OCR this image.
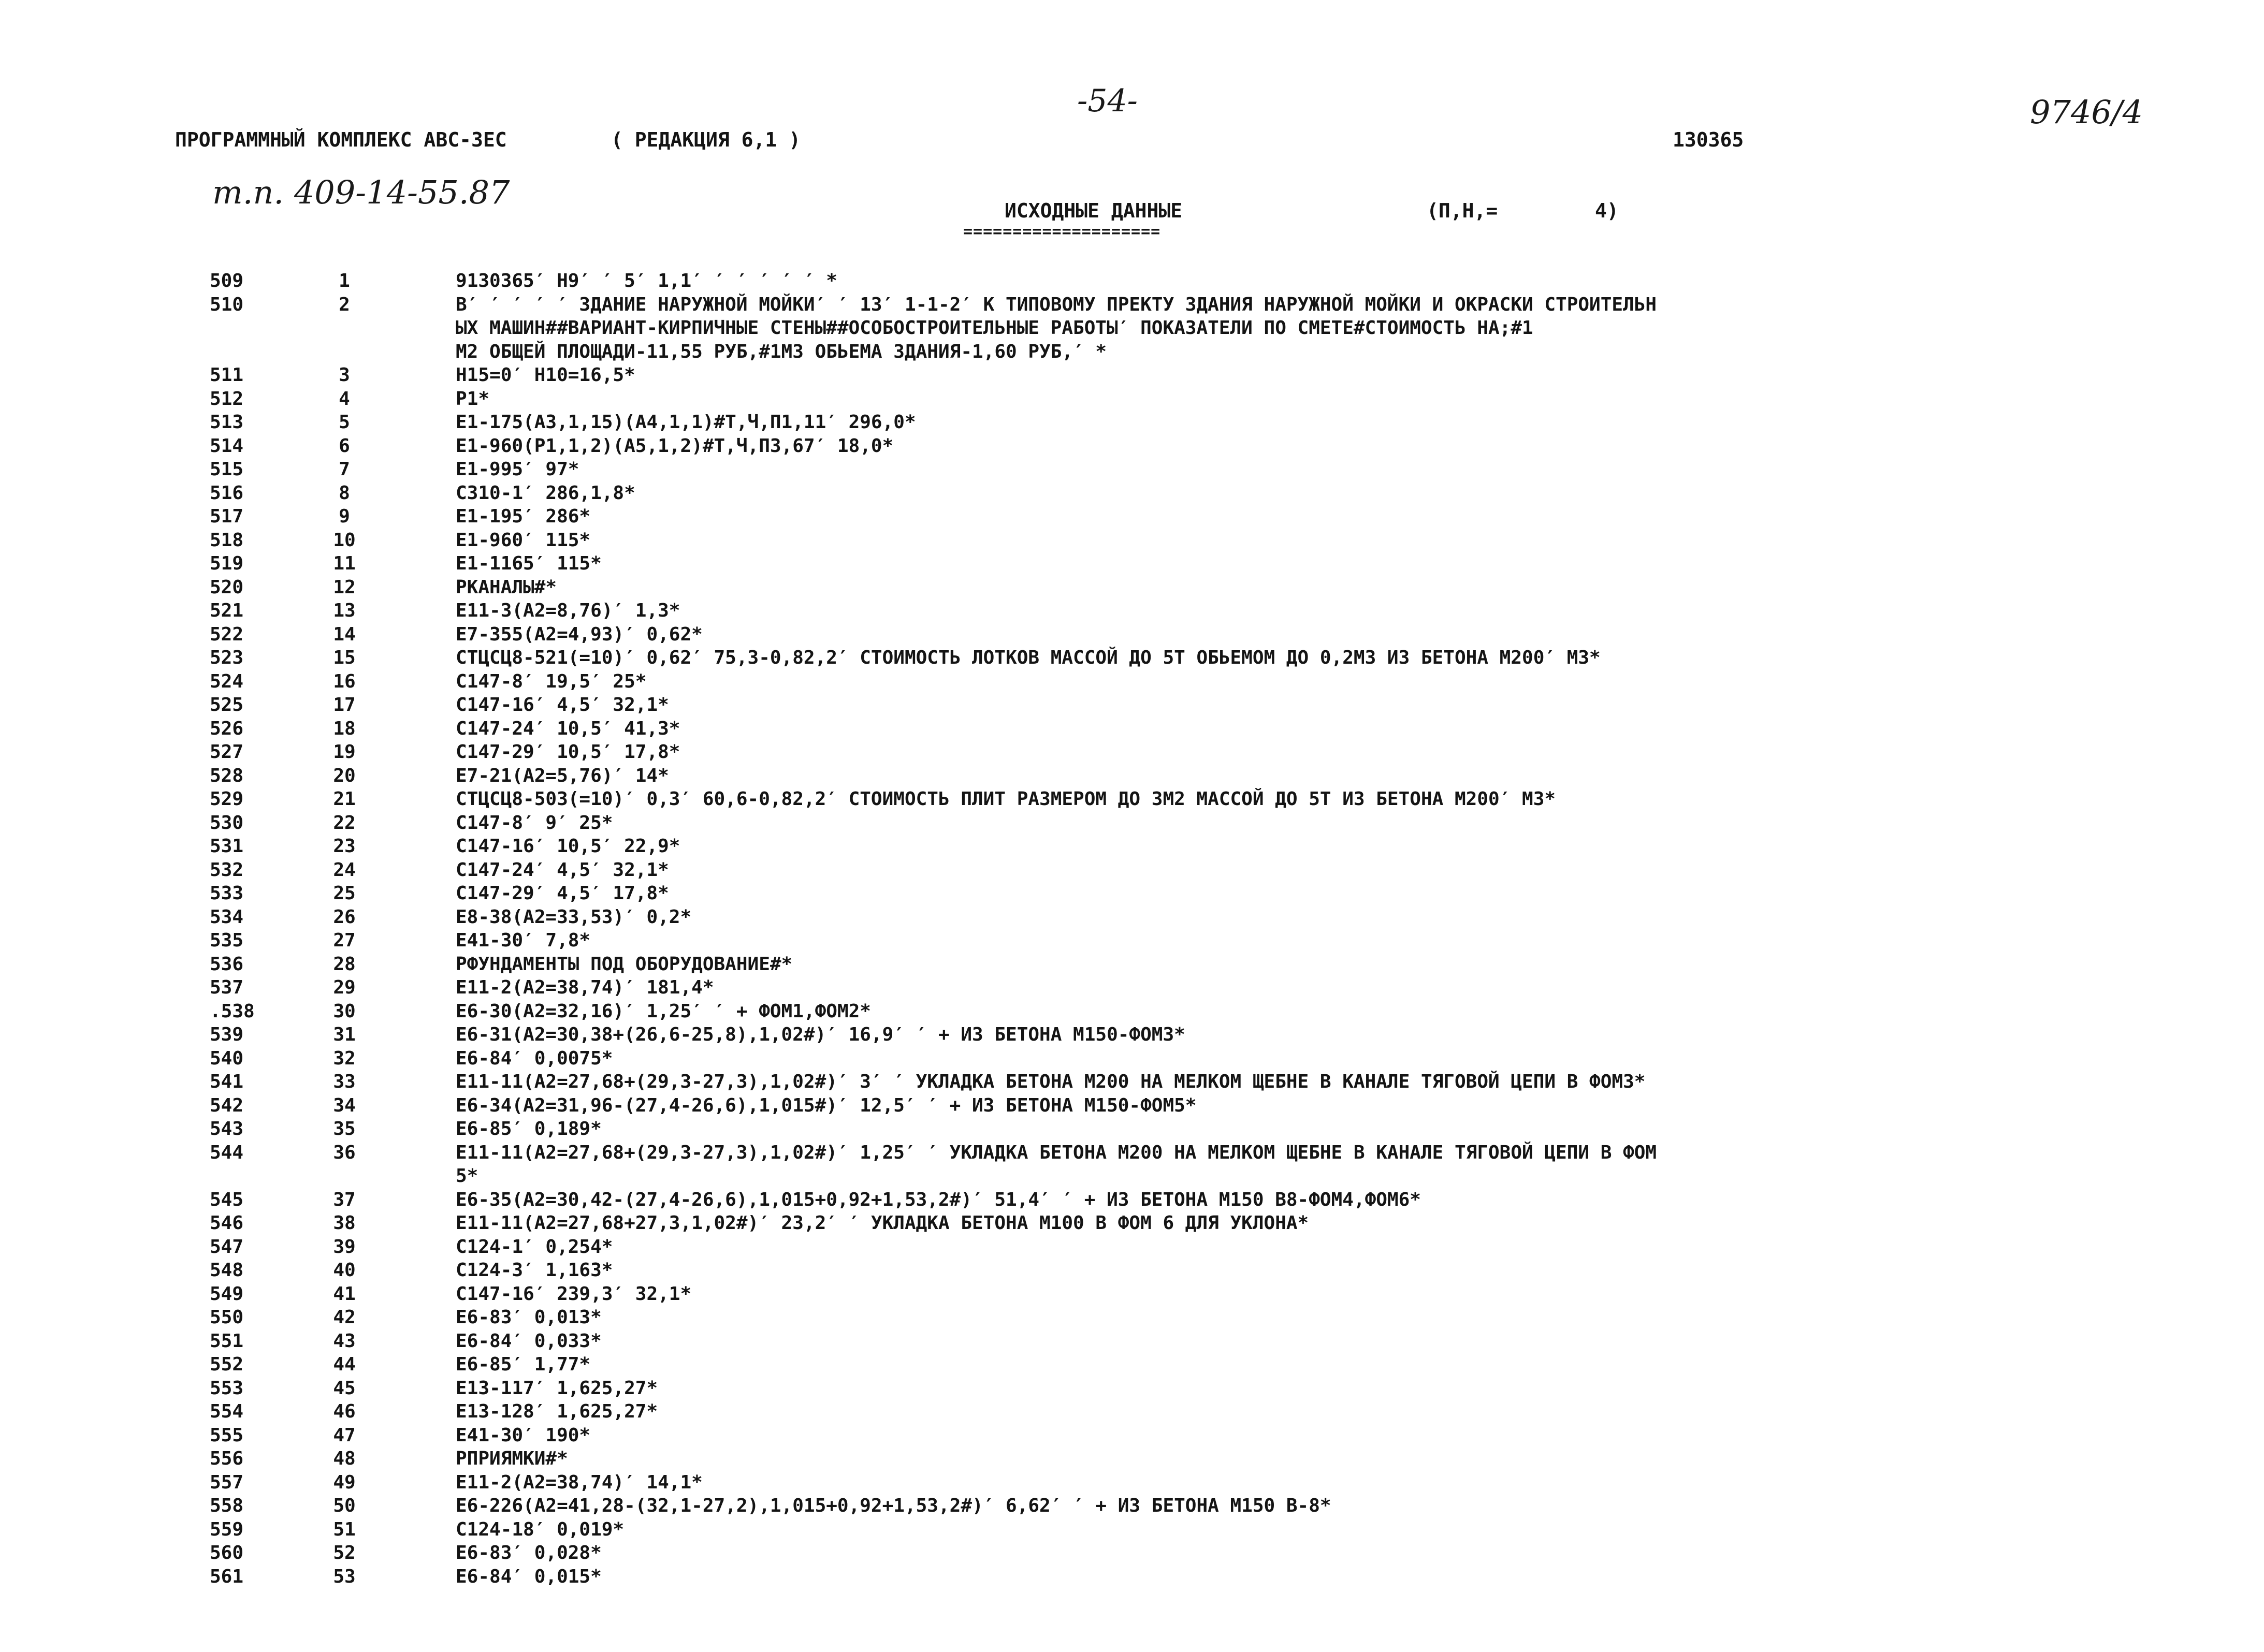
-54-	9746/4
ПРОГРАММНЫЙ КОМПЛЕКС АВС-3ЕС	( РЕДАКЦИЯ 6,1 )	130365
т.п. 409-14-55.87	ИСХОДНЫЕ ДАННЫЕ
====================
(П,Н,=	4)
509	1	9130365′ Н9′ ′ 5′ 1,1′ ′ ′ ′ ′ ′ *
510	2	В′ ′ ′ ′ ′ ЗДАНИЕ НАРУЖНОЙ МОЙКИ′ ′ 13′ 1-1-2′ К ТИПОВОМУ ПРЕКТУ ЗДАНИЯ НАРУЖНОЙ МОЙКИ И ОКРАСКИ СТРОИТЕЛЬН
ЫХ МАШИН##ВАРИАНТ-КИРПИЧНЫЕ СТЕНЫ##ОСОБОСТРОИТЕЛЬНЫЕ РАБОТЫ′ ПОКАЗАТЕЛИ ПО СМЕТЕ#СТОИМОСТЬ НА;#1
М2 ОБЩЕЙ ПЛОЩАДИ-11,55 РУБ,#1М3 ОБЬЕМА ЗДАНИЯ-1,60 РУБ,′ *
511	3	Н15=0′ Н10=16,5*
512	4	Р1*
513	5	Е1-175(А3,1,15)(А4,1,1)#Т,Ч,П1,11′ 296,0*
514	6	Е1-960(Р1,1,2)(А5,1,2)#Т,Ч,П3,67′ 18,0*
515	7	Е1-995′ 97*
516	8	С310-1′ 286,1,8*
517	9	Е1-195′ 286*
518	10	Е1-960′ 115*
519	11	Е1-1165′ 115*
520	12	РКАНАЛЫ#*
521	13	Е11-3(А2=8,76)′ 1,3*
522	14	Е7-355(А2=4,93)′ 0,62*
523	15	СТЦСЦ8-521(=10)′ 0,62′ 75,3-0,82,2′ СТОИМОСТЬ ЛОТКОВ МАССОЙ ДО 5Т ОБЬЕМОМ ДО 0,2М3 ИЗ БЕТОНА М200′ М3*
524	16	С147-8′ 19,5′ 25*
525	17	С147-16′ 4,5′ 32,1*
526	18	С147-24′ 10,5′ 41,3*
527	19	С147-29′ 10,5′ 17,8*
528	20	Е7-21(А2=5,76)′ 14*
529	21	СТЦСЦ8-503(=10)′ 0,3′ 60,6-0,82,2′ СТОИМОСТЬ ПЛИТ РАЗМЕРОМ ДО 3М2 МАССОЙ ДО 5Т ИЗ БЕТОНА М200′ М3*
530	22	С147-8′ 9′ 25*
531	23	С147-16′ 10,5′ 22,9*
532	24	С147-24′ 4,5′ 32,1*
533	25	С147-29′ 4,5′ 17,8*
534	26	Е8-38(А2=33,53)′ 0,2*
535	27	Е41-30′ 7,8*
536	28	РФУНДАМЕНТЫ ПОД ОБОРУДОВАНИЕ#*
537	29	Е11-2(А2=38,74)′ 181,4*
.538	30	Е6-30(А2=32,16)′ 1,25′ ′ + ФОМ1,ФОМ2*
539	31	Е6-31(А2=30,38+(26,6-25,8),1,02#)′ 16,9′ ′ + ИЗ БЕТОНА М150-ФОМ3*
540	32	Е6-84′ 0,0075*
541	33	Е11-11(А2=27,68+(29,3-27,3),1,02#)′ 3′ ′ УКЛАДКА БЕТОНА М200 НА МЕЛКОМ ЩЕБНЕ В КАНАЛЕ ТЯГОВОЙ ЦЕПИ В ФОМ3*
542	34	Е6-34(А2=31,96-(27,4-26,6),1,015#)′ 12,5′ ′ + ИЗ БЕТОНА М150-ФОМ5*
543	35	Е6-85′ 0,189*
544	36	Е11-11(А2=27,68+(29,3-27,3),1,02#)′ 1,25′ ′ УКЛАДКА БЕТОНА М200 НА МЕЛКОМ ЩЕБНЕ В КАНАЛЕ ТЯГОВОЙ ЦЕПИ В ФОМ
5*
545	37	Е6-35(А2=30,42-(27,4-26,6),1,015+0,92+1,53,2#)′ 51,4′ ′ + ИЗ БЕТОНА М150 В8-ФОМ4,ФОМ6*
546	38	Е11-11(А2=27,68+27,3,1,02#)′ 23,2′ ′ УКЛАДКА БЕТОНА М100 В ФОМ 6 ДЛЯ УКЛОНА*
547	39	С124-1′ 0,254*
548	40	С124-3′ 1,163*
549	41	С147-16′ 239,3′ 32,1*
550	42	Е6-83′ 0,013*
551	43	Е6-84′ 0,033*
552	44	Е6-85′ 1,77*
553	45	Е13-117′ 1,625,27*
554	46	Е13-128′ 1,625,27*
555	47	Е41-30′ 190*
556	48	РПРИЯМКИ#*
557	49	Е11-2(А2=38,74)′ 14,1*
558	50	Е6-226(А2=41,28-(32,1-27,2),1,015+0,92+1,53,2#)′ 6,62′ ′ + ИЗ БЕТОНА М150 В-8*
559	51	С124-18′ 0,019*
560	52	Е6-83′ 0,028*
561	53	Е6-84′ 0,015*
